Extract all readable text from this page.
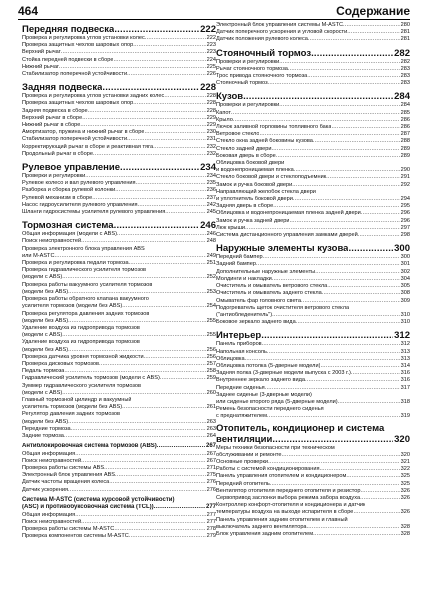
464	Содержание
Передняя подвеска .....	222
Проверка и регулировка углов установки колес .....	222
Проверка защитных чехлов шаровых опор .....	223
Верхний рычаг .....	223
Стойка передней подвески в сборе .....	224
Нижний рычаг .....	225
Стабилизатор поперечной устойчивости .....	226
Задняя подвеска .....	228
Проверка и регулировка углов установки задних колес .....	228
Проверка защитных чехлов шаровых опор .....	228
Задняя подвеска в сборе .....	228
Верхний рычаг в сборе .....	229
Нижний рычаг в сборе .....	229
Амортизатор, пружина и нижний рычаг в сборе .....	230
Стабилизатор поперечной устойчивости .....	231
Корректирующий рычаг в сборе и реактивная тяга .....	232
Продольный рычаг в сборе .....	232
Рулевое управление .....	234
Проверки и регулировки .....	234
Рулевое колесо и вал рулевого управления .....	235
Разборка и сборка рулевой колонки .....	236
Рулевой механизм в сборе .....	237
Насос гидроусилителя рулевого управления .....	242
Шланги гидросистемы усилителя рулевого управления .....	245
Тормозная система .....	246
Общая информация (модели с ABS) .....	246
Поиск неисправностей .....	248
Проверка электронного блока управления ABS
или M-ASTC .....	249
Проверка и регулировка педали тормоза .....	251
Проверка гидравлического усилителя тормозов
(модели с ABS) .....	252
Проверка работы вакуумного усилителя тормозов
(модели без ABS) .....	253
Проверка работы обратного клапана вакуумного
усилителя тормозов (модели без ABS) .....	254
Проверка регулятора давления задних тормозов
(модели без ABS) .....	255
Удаление воздуха из гидропривода тормозов
(модели с ABS) .....	255
Удаление воздуха из гидропривода тормозов
(модели без ABS) .....	256
Проверка датчика уровня тормозной жидкости .....	256
Проверка дисковых тормозов .....	257
Педаль тормоза .....	258
Гидравлический усилитель тормозов (модели с ABS) .....	259
Зуммер гидравлического усилителя тормозов
(модели с ABS) .....	260
Главный тормозной цилиндр и вакуумный
усилитель тормозов (модели без ABS) .....	261
Регулятор давления задних тормозов
(модели без ABS) .....	263
Передние тормоза .....	263
Задние тормоза .....	264
Антиблокировочная система тормозов (ABS) .....	267
Общая информация .....	267
Поиск неисправностей .....	267
Проверка работы системы ABS .....	271
Электронный блок управления ABS .....	275
Датчик частоты вращения колеса .....	276
Датчик ускорения .....	276
Система M-ASTC (система курсовой устойчивости)
(ASC) и противобуксовочная система (TCL)) .....	277
Общая информация .....	277
Поиск неисправностей .....	277
Проверка работы системы M-ASTC .....	278
Проверка компонентов системы M-ASTC .....	279
Электронный блок управления системы M-ASTC .....	280
Датчик поперечного ускорения и угловой скорости .....	281
Датчик положения рулевого колеса .....	281
Стояночный тормоз .....	282
Проверки и регулировки .....	282
Рычаг стояночного тормоза .....	283
Трос привода стояночного тормоза .....	283
Стояночный тормоз .....	283
Кузов .....	284
Проверки и регулировки .....	284
Капот .....	285
Крыло .....	286
Лючок заливной горловины топливного бака .....	286
Ветровое стекло .....	287
Стекло окна задней боковины кузова .....	288
Стекло задней двери .....	289
Боковая дверь в сборе .....	289
Облицовка боковой двери
и водонепроницаемая пленка .....	290
Стекло боковой двери и стеклоподъемник .....	291
Замок и ручка боковой двери .....	292
Направляющий желобок стекла двери
и уплотнитель боковой двери .....	294
Задняя дверь в сборе .....	295
Облицовка и водонепроницаемая пленка задней двери .....	296
Замок и ручка задней двери .....	296
Люк крыши .....	297
Система дистанционного управления замками дверей .....	298
Наружные элементы кузова .....	300
Передний бампер .....	300
Задний бампер .....	301
Дополнительные наружные элементы .....	302
Молдинги и накладки .....	304
Очиститель и омыватель ветрового стекла .....	305
Очиститель и омыватель заднего стекла .....	308
Омыватель фар головного света .....	309
Подогреватель щеток очистителя ветрового стекла
("антиобледенитель") .....	310
Боковое зеркало заднего вида .....	310
Интерьер .....	312
Панель приборов .....	312
Напольная консоль .....	313
Облицовка .....	313
Облицовка потолка (5-дверные модели) .....	314
Задняя полка (3-дверные модели выпуска с 2003 г.) .....	316
Внутреннее зеркало заднего вида .....	316
Передние сиденья .....	317
Заднее сиденье (3-дверные модели)
или сиденье второго ряда (5-дверные модели) .....	318
Ремень безопасности переднего сиденья
с преднатяжителем .....	319
Отопитель, кондиционер и система
вентиляции .....	320
Меры техники безопасности при техническом
обслуживании и ремонте .....	320
Основные проверки .....	321
Работы с системой кондиционирования .....	322
Панель управления отопителем и кондиционером .....	325
Передний отопитель .....	325
Вентилятор отопителя переднего отопителя и резистор .....	326
Сервопривод заслонки выбора режима забора воздуха .....	326
Контроллер конфорт-отопителя и кондиционера и датчик
температуры воздуха на выходе испарителя в сборе .....	326
Панель управления задним отопителем и главный
выключатель заднего вентилятора .....	328
Блок управления задним отопителем .....	328
